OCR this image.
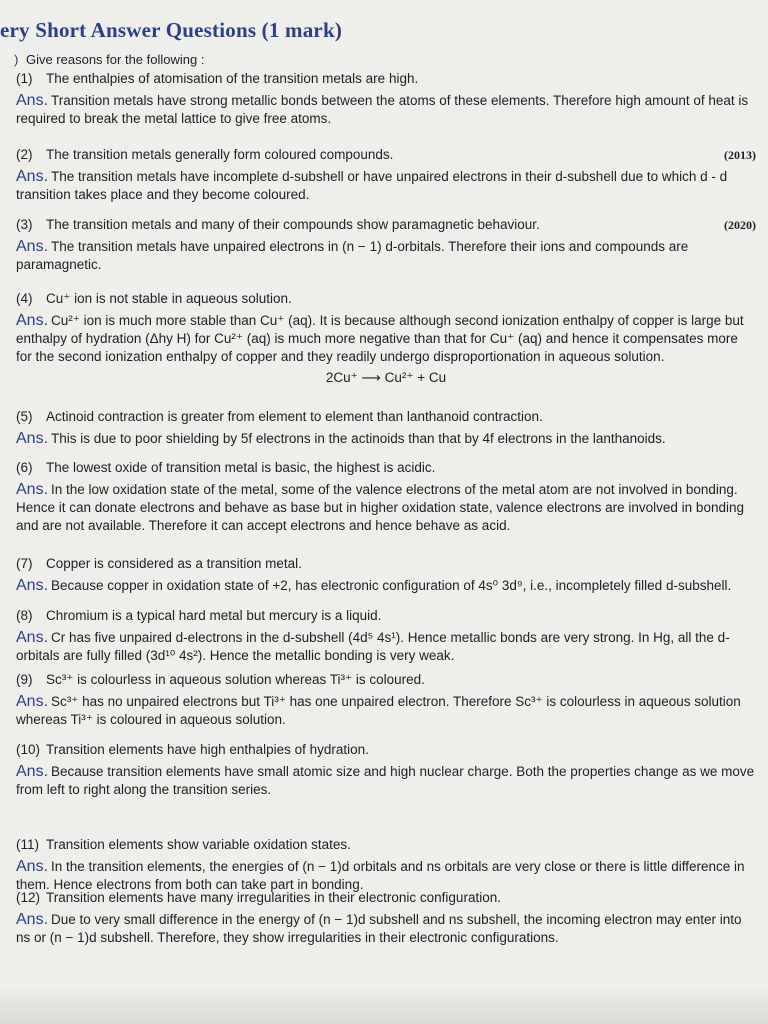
ery Short Answer Questions (1 mark)
) Give reasons for the following :
(1)	The enthalpies of atomisation of the transition metals are high.
Ans. Transition metals have strong metallic bonds between the atoms of these elements. Therefore high amount of heat is required to break the metal lattice to give free atoms.
(2)	The transition metals generally form coloured compounds.	(2013)
Ans. The transition metals have incomplete d-subshell or have unpaired electrons in their d-subshell due to which d - d transition takes place and they become coloured.
(3)	The transition metals and many of their compounds show paramagnetic behaviour.	(2020)
Ans. The transition metals have unpaired electrons in (n − 1) d-orbitals. Therefore their ions and compounds are paramagnetic.
(4)	Cu⁺ ion is not stable in aqueous solution.
Ans. Cu²⁺ ion is much more stable than Cu⁺ (aq). It is because although second ionization enthalpy of copper is large but enthalpy of hydration (Δhy H) for Cu²⁺ (aq) is much more negative than that for Cu⁺ (aq) and hence it compensates more for the second ionization enthalpy of copper and they readily undergo disproportionation in aqueous solution.
2Cu⁺ ⟶ Cu²⁺ + Cu
(5)	Actinoid contraction is greater from element to element than lanthanoid contraction.
Ans. This is due to poor shielding by 5f electrons in the actinoids than that by 4f electrons in the lanthanoids.
(6)	The lowest oxide of transition metal is basic, the highest is acidic.
Ans. In the low oxidation state of the metal, some of the valence electrons of the metal atom are not involved in bonding. Hence it can donate electrons and behave as base but in higher oxidation state, valence electrons are involved in bonding and are not available. Therefore it can accept electrons and hence behave as acid.
(7)	Copper is considered as a transition metal.
Ans. Because copper in oxidation state of +2, has electronic configuration of 4s⁰ 3d⁹, i.e., incompletely filled d-subshell.
(8)	Chromium is a typical hard metal but mercury is a liquid.
Ans. Cr has five unpaired d-electrons in the d-subshell (4d⁵ 4s¹). Hence metallic bonds are very strong. In Hg, all the d-orbitals are fully filled (3d¹⁰ 4s²). Hence the metallic bonding is very weak.
(9)	Sc³⁺ is colourless in aqueous solution whereas Ti³⁺ is coloured.
Ans. Sc³⁺ has no unpaired electrons but Ti³⁺ has one unpaired electron. Therefore Sc³⁺ is colourless in aqueous solution whereas Ti³⁺ is coloured in aqueous solution.
(10) Transition elements have high enthalpies of hydration.
Ans. Because transition elements have small atomic size and high nuclear charge. Both the properties change as we move from left to right along the transition series.
(11) Transition elements show variable oxidation states.
Ans. In the transition elements, the energies of (n − 1)d orbitals and ns orbitals are very close or there is little difference in them. Hence electrons from both can take part in bonding.
(12) Transition elements have many irregularities in their electronic configuration.
Ans. Due to very small difference in the energy of (n − 1)d subshell and ns subshell, the incoming electron may enter into ns or (n − 1)d subshell. Therefore, they show irregularities in their electronic configurations.
